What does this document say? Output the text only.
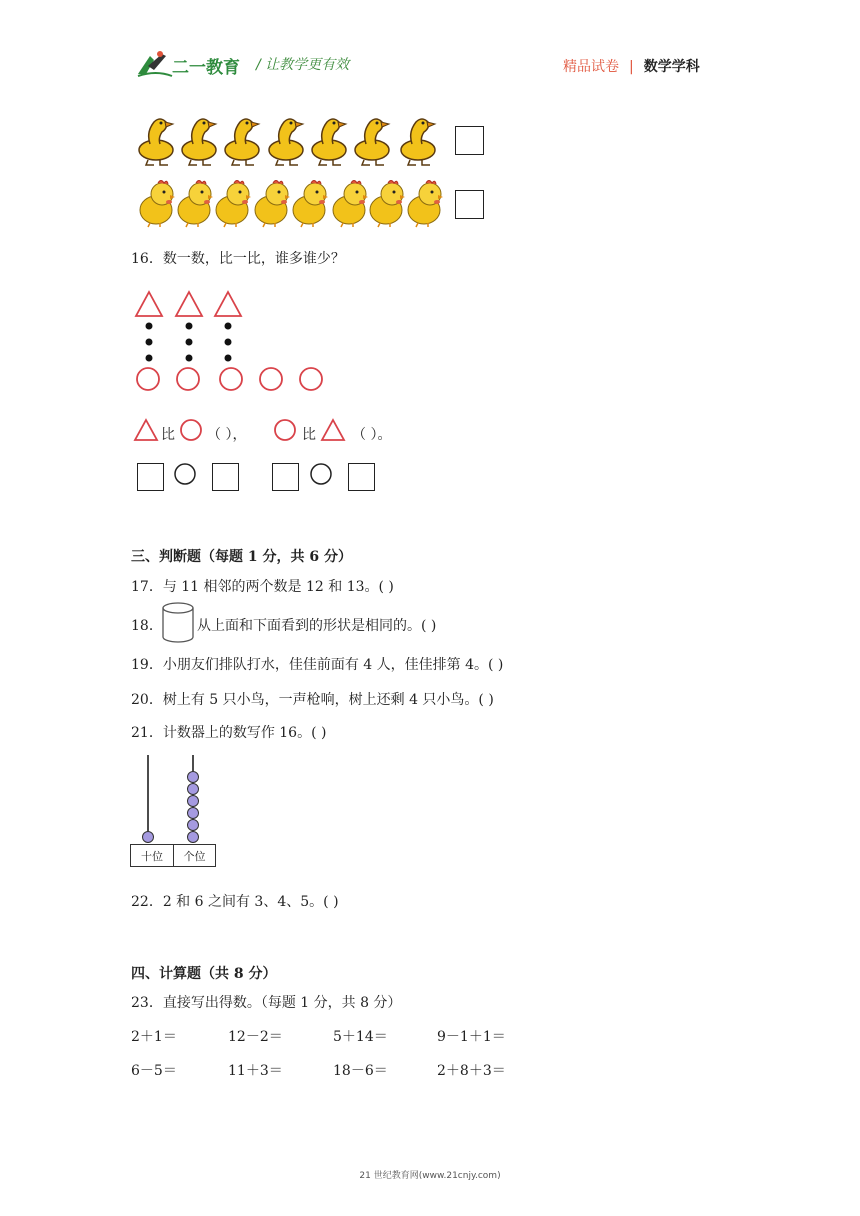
二一教育 / 让教学更有效	精品试卷 | 数学学科
16．数一数，比一比，谁多谁少？
比 （ ），	比	（ ）。
三、判断题（每题 1 分，共 6 分）
17．与 11 相邻的两个数是 12 和 13。( )
18． 从上面和下面看到的形状是相同的。( )
19．小朋友们排队打水，佳佳前面有 4 人，佳佳排第 4。( )
20．树上有 5 只小鸟，一声枪响，树上还剩 4 只小鸟。( )
21．计数器上的数写作 16。( )
十位	个位
22．2 和 6 之间有 3、4、5。( )
四、计算题（共 8 分）
23．直接写出得数。（每题 1 分，共 8 分）
2＋1＝	12－2＝	5＋14＝	9－1＋1＝
6－5＝	11＋3＝	18－6＝	2＋8＋3＝
21 世纪教育网(www.21cnjy.com)
